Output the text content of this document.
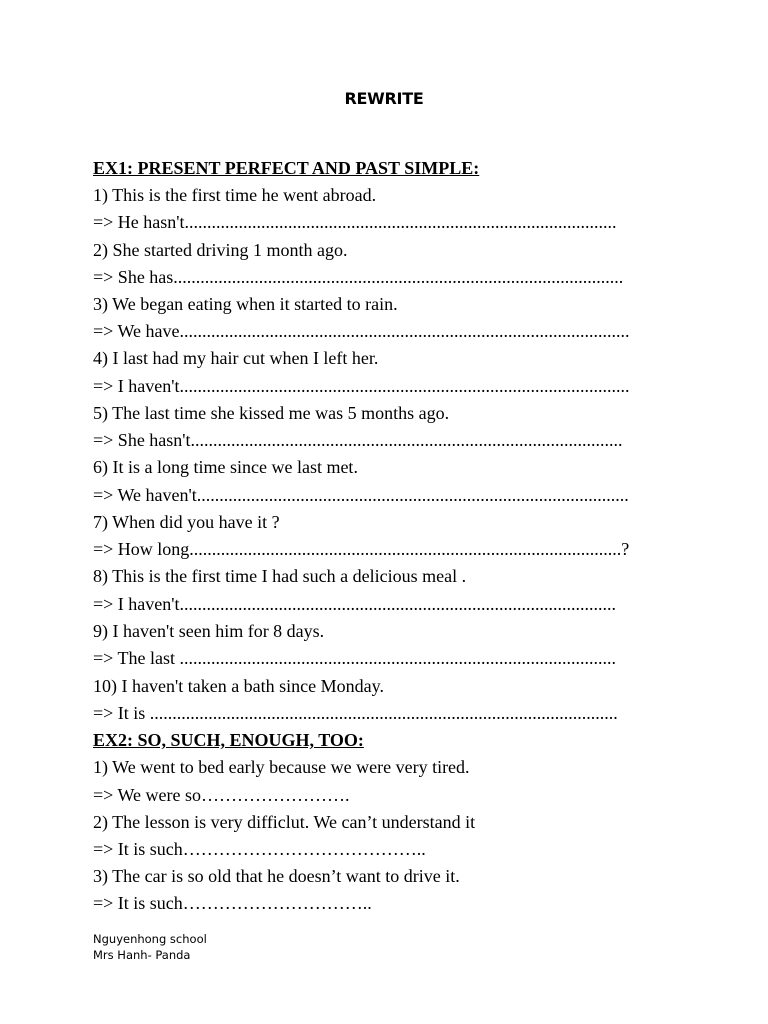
REWRITE
EX1: PRESENT PERFECT AND PAST SIMPLE:
1) This is the first time he went abroad.
=> He hasn't................................................................................................
2) She started driving 1 month ago.
=> She has....................................................................................................
3) We began eating when it started to rain.
=> We have....................................................................................................
4) I last had my hair cut when I left her.
=> I haven't....................................................................................................
5) The last time she kissed me was 5 months ago.
=> She hasn't................................................................................................
6) It is a long time since we last met.
=> We haven't................................................................................................
7) When did you have it ?
=> How long................................................................................................?
8) This is the first time I had such a delicious meal .
=> I haven't.................................................................................................
9) I haven't seen him for 8 days.
=> The last .................................................................................................
10) I haven't taken a bath since Monday.
=> It is ........................................................................................................
EX2: SO, SUCH, ENOUGH, TOO:
1) We went to bed early because we were very tired.
=> We were so…………………….
2) The lesson is very difficlut. We can’t understand it
=> It is such…………………………………..
3) The car is so old that he doesn’t want to drive it.
=> It is such…………………………..
Nguyenhong school
Mrs Hanh- Panda
